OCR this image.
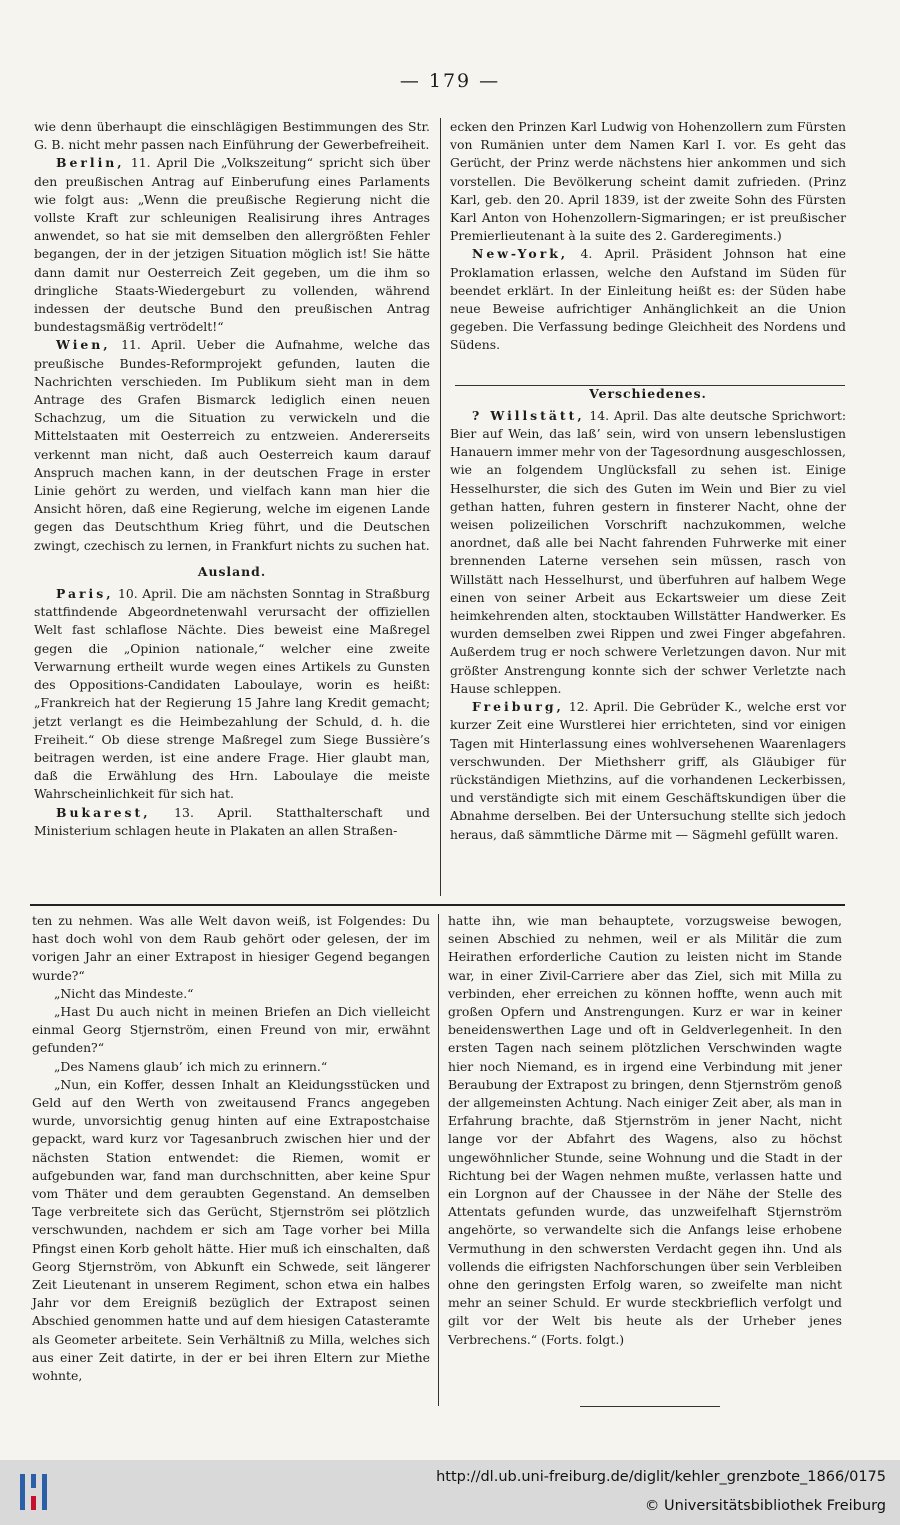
— 179 —

wie denn überhaupt die einschlägigen Bestimmungen des Str. G. B. nicht mehr passen nach Einführung der Gewerbefreiheit.

Berlin, 11. April Die „Volkszeitung“ spricht sich über den preußischen Antrag auf Einberufung eines Parlaments wie folgt aus: „Wenn die preußische Regierung nicht die vollste Kraft zur schleunigen Realisirung ihres Antrages anwendet, so hat sie mit demselben den allergrößten Fehler begangen, der in der jetzigen Situation möglich ist! Sie hätte dann damit nur Oesterreich Zeit gegeben, um die ihm so dringliche Staats-Wiedergeburt zu vollenden, während indessen der deutsche Bund den preußischen Antrag bundestagsmäßig vertrödelt!“

Wien, 11. April. Ueber die Aufnahme, welche das preußische Bundes-Reformprojekt gefunden, lauten die Nachrichten verschieden. Im Publikum sieht man in dem Antrage des Grafen Bismarck lediglich einen neuen Schachzug, um die Situation zu verwickeln und die Mittelstaaten mit Oesterreich zu entzweien. Andererseits verkennt man nicht, daß auch Oesterreich kaum darauf Anspruch machen kann, in der deutschen Frage in erster Linie gehört zu werden, und vielfach kann man hier die Ansicht hören, daß eine Regierung, welche im eigenen Lande gegen das Deutschthum Krieg führt, und die Deutschen zwingt, czechisch zu lernen, in Frankfurt nichts zu suchen hat.

Ausland.

Paris, 10. April. Die am nächsten Sonntag in Straßburg stattfindende Abgeordnetenwahl verursacht der offiziellen Welt fast schlaflose Nächte. Dies beweist eine Maßregel gegen die „Opinion nationale,“ welcher eine zweite Verwarnung ertheilt wurde wegen eines Artikels zu Gunsten des Oppositions-Candidaten Laboulaye, worin es heißt: „Frankreich hat der Regierung 15 Jahre lang Kredit gemacht; jetzt verlangt es die Heimbezahlung der Schuld, d. h. die Freiheit.“ Ob diese strenge Maßregel zum Siege Bussière’s beitragen werden, ist eine andere Frage. Hier glaubt man, daß die Erwählung des Hrn. Laboulaye die meiste Wahrscheinlichkeit für sich hat.

Bukarest, 13. April. Statthalterschaft und Ministerium schlagen heute in Plakaten an allen Straßen-

ecken den Prinzen Karl Ludwig von Hohenzollern zum Fürsten von Rumänien unter dem Namen Karl I. vor. Es geht das Gerücht, der Prinz werde nächstens hier ankommen und sich vorstellen. Die Bevölkerung scheint damit zufrieden. (Prinz Karl, geb. den 20. April 1839, ist der zweite Sohn des Fürsten Karl Anton von Hohenzollern-Sigmaringen; er ist preußischer Premierlieutenant à la suite des 2. Garderegiments.)

New-York, 4. April. Präsident Johnson hat eine Proklamation erlassen, welche den Aufstand im Süden für beendet erklärt. In der Einleitung heißt es: der Süden habe neue Beweise aufrichtiger Anhänglichkeit an die Union gegeben. Die Verfassung bedinge Gleichheit des Nordens und Südens.

Verschiedenes.

? Willstätt, 14. April. Das alte deutsche Sprichwort: Bier auf Wein, das laß’ sein, wird von unsern lebenslustigen Hanauern immer mehr von der Tagesordnung ausgeschlossen, wie an folgendem Unglücksfall zu sehen ist. Einige Hesselhurster, die sich des Guten im Wein und Bier zu viel gethan hatten, fuhren gestern in finsterer Nacht, ohne der weisen polizeilichen Vorschrift nachzukommen, welche anordnet, daß alle bei Nacht fahrenden Fuhrwerke mit einer brennenden Laterne versehen sein müssen, rasch von Willstätt nach Hesselhurst, und überfuhren auf halbem Wege einen von seiner Arbeit aus Eckartsweier um diese Zeit heimkehrenden alten, stocktauben Willstätter Handwerker. Es wurden demselben zwei Rippen und zwei Finger abgefahren. Außerdem trug er noch schwere Verletzungen davon. Nur mit größter Anstrengung konnte sich der schwer Verletzte nach Hause schleppen.

Freiburg, 12. April. Die Gebrüder K., welche erst vor kurzer Zeit eine Wurstlerei hier errichteten, sind vor einigen Tagen mit Hinterlassung eines wohlversehenen Waarenlagers verschwunden. Der Miethsherr griff, als Gläubiger für rückständigen Miethzins, auf die vorhandenen Leckerbissen, und verständigte sich mit einem Geschäftskundigen über die Abnahme derselben. Bei der Untersuchung stellte sich jedoch heraus, daß sämmtliche Därme mit — Sägmehl gefüllt waren.

ten zu nehmen. Was alle Welt davon weiß, ist Folgendes: Du hast doch wohl von dem Raub gehört oder gelesen, der im vorigen Jahr an einer Extrapost in hiesiger Gegend begangen wurde?“

„Nicht das Mindeste.“

„Hast Du auch nicht in meinen Briefen an Dich vielleicht einmal Georg Stjernström, einen Freund von mir, erwähnt gefunden?“

„Des Namens glaub’ ich mich zu erinnern.“

„Nun, ein Koffer, dessen Inhalt an Kleidungsstücken und Geld auf den Werth von zweitausend Francs angegeben wurde, unvorsichtig genug hinten auf eine Extrapostchaise gepackt, ward kurz vor Tagesanbruch zwischen hier und der nächsten Station entwendet: die Riemen, womit er aufgebunden war, fand man durchschnitten, aber keine Spur vom Thäter und dem geraubten Gegenstand. An demselben Tage verbreitete sich das Gerücht, Stjernström sei plötzlich verschwunden, nachdem er sich am Tage vorher bei Milla Pfingst einen Korb geholt hätte. Hier muß ich einschalten, daß Georg Stjernström, von Abkunft ein Schwede, seit längerer Zeit Lieutenant in unserem Regiment, schon etwa ein halbes Jahr vor dem Ereigniß bezüglich der Extrapost seinen Abschied genommen hatte und auf dem hiesigen Catasteramte als Geometer arbeitete. Sein Verhältniß zu Milla, welches sich aus einer Zeit datirte, in der er bei ihren Eltern zur Miethe wohnte,

hatte ihn, wie man behauptete, vorzugsweise bewogen, seinen Abschied zu nehmen, weil er als Militär die zum Heirathen erforderliche Caution zu leisten nicht im Stande war, in einer Zivil-Carriere aber das Ziel, sich mit Milla zu verbinden, eher erreichen zu können hoffte, wenn auch mit großen Opfern und Anstrengungen. Kurz er war in keiner beneidenswerthen Lage und oft in Geldverlegenheit. In den ersten Tagen nach seinem plötzlichen Verschwinden wagte hier noch Niemand, es in irgend eine Verbindung mit jener Beraubung der Extrapost zu bringen, denn Stjernström genoß der allgemeinsten Achtung. Nach einiger Zeit aber, als man in Erfahrung brachte, daß Stjernström in jener Nacht, nicht lange vor der Abfahrt des Wagens, also zu höchst ungewöhnlicher Stunde, seine Wohnung und die Stadt in der Richtung bei der Wagen nehmen mußte, verlassen hatte und ein Lorgnon auf der Chaussee in der Nähe der Stelle des Attentats gefunden wurde, das unzweifelhaft Stjernström angehörte, so verwandelte sich die Anfangs leise erhobene Vermuthung in den schwersten Verdacht gegen ihn. Und als vollends die eifrigsten Nachforschungen über sein Verbleiben ohne den geringsten Erfolg waren, so zweifelte man nicht mehr an seiner Schuld. Er wurde steckbrieflich verfolgt und gilt vor der Welt bis heute als der Urheber jenes Verbrechens.“ (Forts. folgt.)

http://dl.ub.uni-freiburg.de/diglit/kehler_grenzbote_1866/0175
© Universitätsbibliothek Freiburg
